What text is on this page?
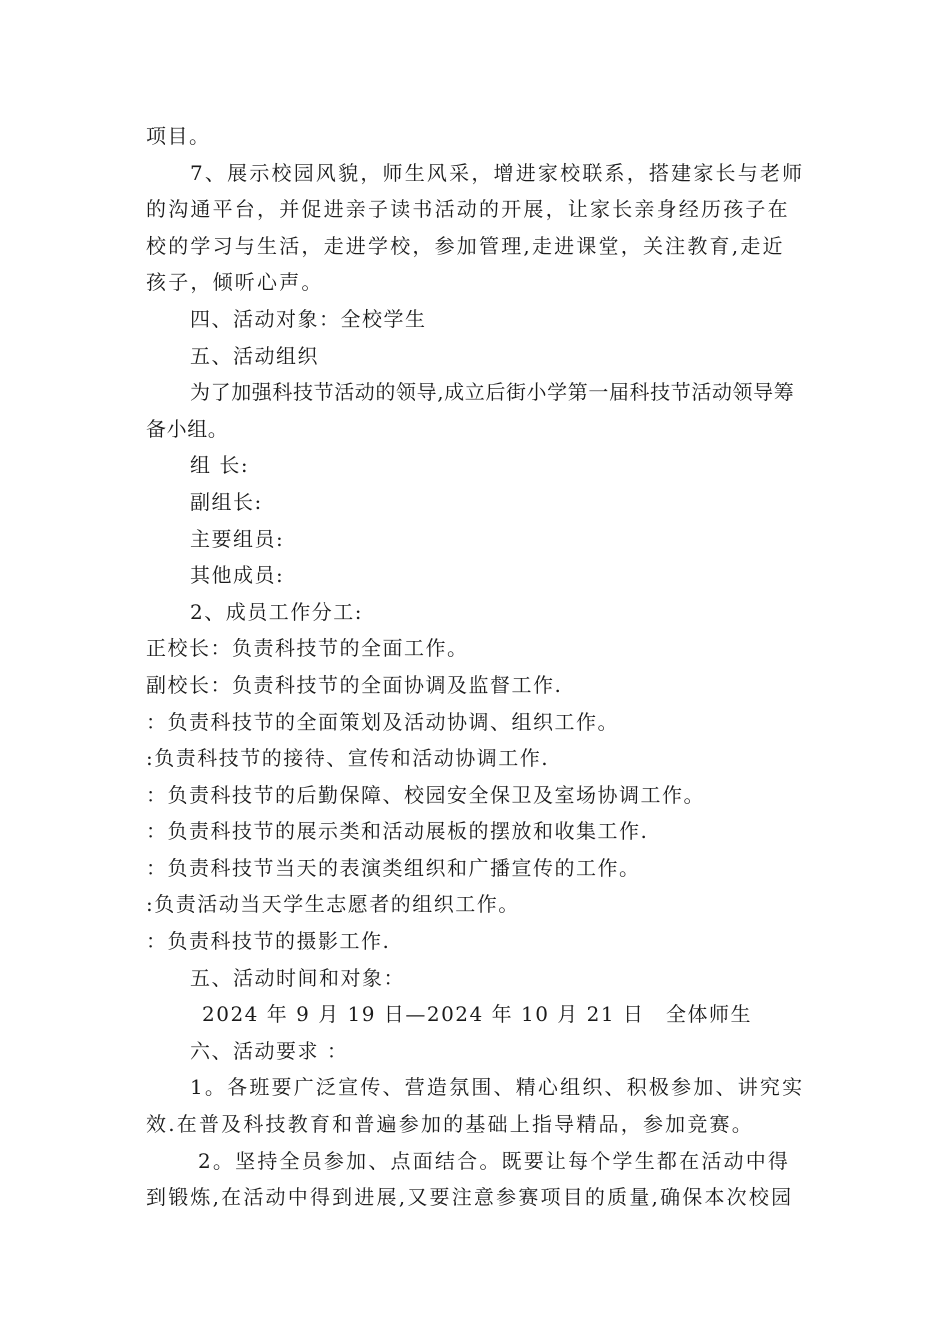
项目。

7、展示校园风貌，师生风采，增进家校联系，搭建家长与老师的沟通平台，并促进亲子读书活动的开展，让家长亲身经历孩子在校的学习与生活，走进学校，参加管理,走进课堂，关注教育,走近孩子，倾听心声。

四、活动对象：全校学生

五、活动组织

为了加强科技节活动的领导,成立后街小学第一届科技节活动领导筹备小组。

组 长:

副组长:

主要组员:

其他成员:

2、成员工作分工:

正校长：负责科技节的全面工作。

副校长：负责科技节的全面协调及监督工作.

：负责科技节的全面策划及活动协调、组织工作。

:负责科技节的接待、宣传和活动协调工作.

：负责科技节的后勤保障、校园安全保卫及室场协调工作。

：负责科技节的展示类和活动展板的摆放和收集工作.

：负责科技节当天的表演类组织和广播宣传的工作。

:负责活动当天学生志愿者的组织工作。

：负责科技节的摄影工作.

五、活动时间和对象：

2024 年 9 月 19 日—2024 年 10 月 21 日　全体师生

六、活动要求 ：

1。各班要广泛宣传、营造氛围、精心组织、积极参加、讲究实效.在普及科技教育和普遍参加的基础上指导精品，参加竞赛。

2。坚持全员参加、点面结合。既要让每个学生都在活动中得到锻炼,在活动中得到进展,又要注意参赛项目的质量,确保本次校园
